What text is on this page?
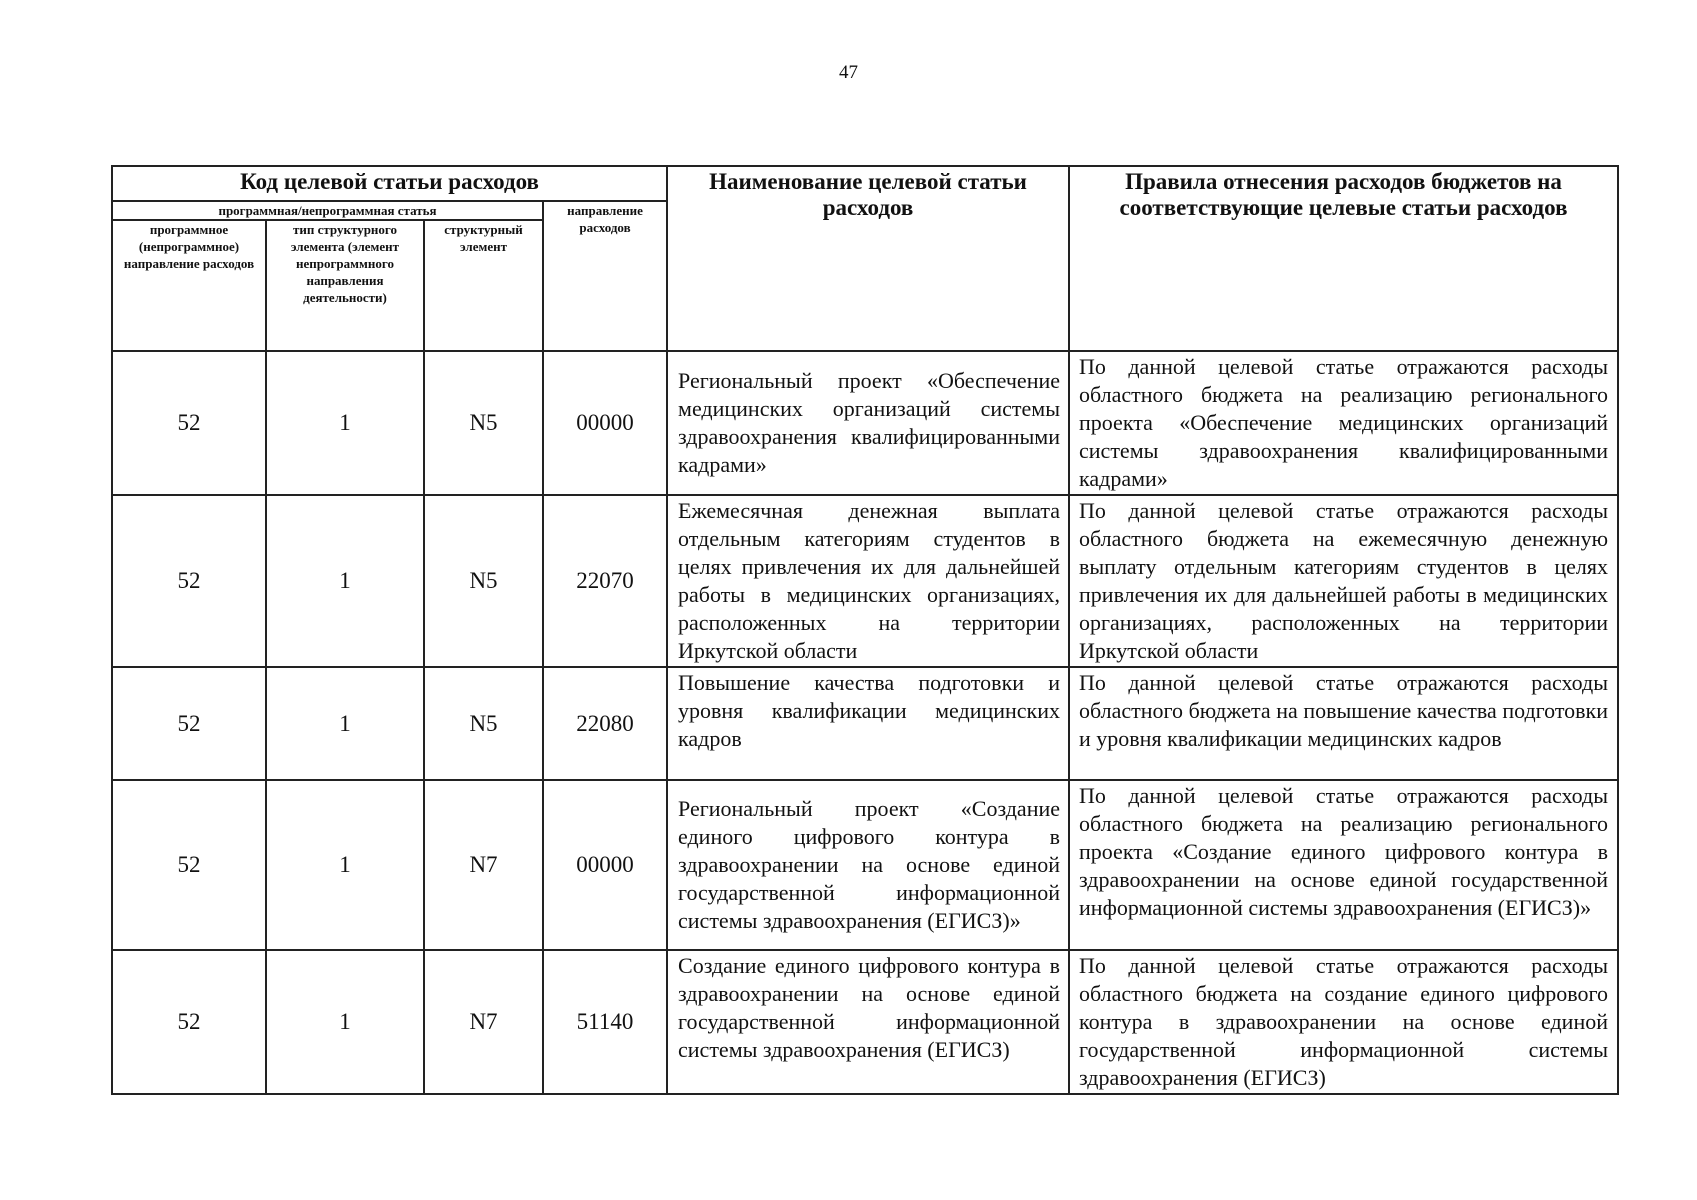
47
Код целевой статьи расходов				Наименование целевой статьи расходов	Правила отнесения расходов бюджетов на соответствующие целевые статьи расходов
программная/непрограммная статья			направление расходов		
программное (непрограммное) направление расходов	тип структурного элемента (элемент непрограммного направления деятельности)	структурный элемент			
52	1	N5	00000	Региональный проект «Обеспечение медицинских организаций системы здравоохранения квалифицированными кадрами»	По данной целевой статье отражаются расходы областного бюджета на реализацию регионального проекта «Обеспечение медицинских организаций системы здравоохранения квалифицированными кадрами»
52	1	N5	22070	Ежемесячная денежная выплата отдельным категориям студентов в целях привлечения их для дальнейшей работы в медицинских организациях, расположенных на территории Иркутской области	По данной целевой статье отражаются расходы областного бюджета на ежемесячную денежную выплату отдельным категориям студентов в целях привлечения их для дальнейшей работы в медицинских организациях, расположенных на территории Иркутской области
52	1	N5	22080	Повышение качества подготовки и уровня квалификации медицинских кадров	По данной целевой статье отражаются расходы областного бюджета на повышение качества подготовки и уровня квалификации медицинских кадров
52	1	N7	00000	Региональный проект «Создание единого цифрового контура в здравоохранении на основе единой государственной информационной системы здравоохранения (ЕГИСЗ)»	По данной целевой статье отражаются расходы областного бюджета на реализацию регионального проекта «Создание единого цифрового контура в здравоохранении на основе единой государственной информационной системы здравоохранения (ЕГИСЗ)»
52	1	N7	51140	Создание единого цифрового контура в здравоохранении на основе единой государственной информационной системы здравоохранения (ЕГИСЗ)	По данной целевой статье отражаются расходы областного бюджета на создание единого цифрового контура в здравоохранении на основе единой государственной информационной системы здравоохранения (ЕГИСЗ)
